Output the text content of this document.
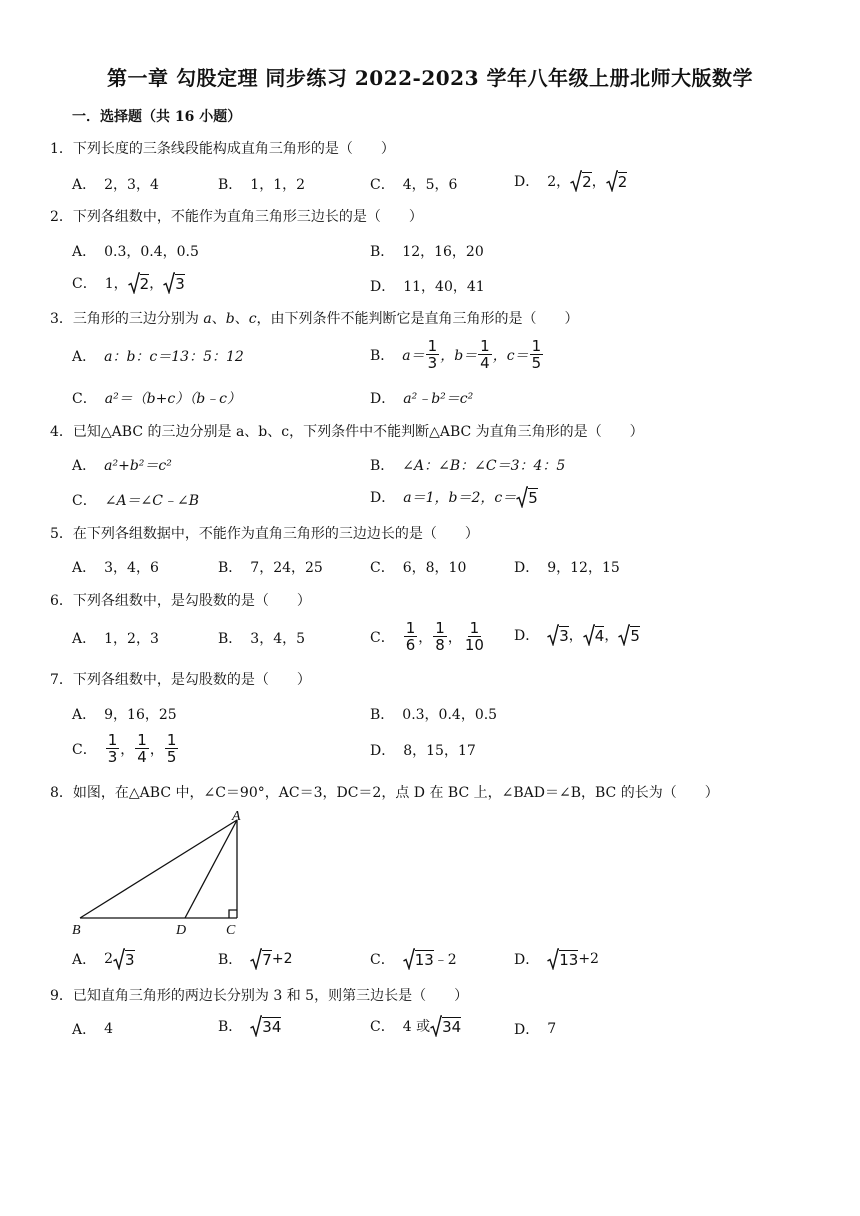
第一章 勾股定理 同步练习 2022-2023 学年八年级上册北师大版数学
一．选择题（共 16 小题）
1．下列长度的三条线段能构成直角三角形的是（　　）
A． 2，3，4	B． 1，1，2	C． 4，5，6	D． 2， 2 ， 2
2．下列各组数中，不能作为直角三角形三边长的是（　　）
A． 0.3，0.4，0.5	B． 12，16，20
C． 1， 2 ， 3	D． 11，40，41
3．三角形的三边分别为 a、b、c，由下列条件不能判断它是直角三角形的是（　　）
A． a：b：c＝13：5：12	B． $a= \frac{1}{3}$ ，$b= \frac{1}{4}$ ，$c= \frac{1}{5}$
C． a²＝（b+c）（b﹣c）	D． a²﹣b²＝c²
4．已知△ABC 的三边分别是 a、b、c，下列条件中不能判断△ABC 为直角三角形的是（　　）
A． a²+b²＝c²	B． ∠A：∠B：∠C＝3：4：5
C． ∠A＝∠C﹣∠B	D． a＝1，b＝2，c＝ 5
5．在下列各组数据中，不能作为直角三角形的三边边长的是（　　）
A． 3，4，6	B． 7，24，25	C． 6，8，10	D． 9，12，15
6．下列各组数中，是勾股数的是（　　）
A． 1，2，3	B． 3，4，5	C． $\frac{1}{6}$ ， $\frac{1}{8}$ ， $\frac{1}{10}$ D． 3 ， 4 ， 5
7．下列各组数中，是勾股数的是（　　）
A． 9，16，25	B． 0.3，0.4，0.5
C． $\frac{1}{3}$ ， $\frac{1}{4}$ ， $\frac{1}{5}$	D． 8，15，17
8．如图，在△ABC 中，∠C＝90°，AC＝3，DC＝2，点 D 在 BC 上，∠BAD＝∠B，BC 的长为（　　）
A
B	D	C
A． 2 3	B． 7 +2	C． 13 ﹣2	D． 13 +2
9．已知直角三角形的两边长分别为 3 和 5，则第三边长是（　　）
A． 4	B． 34	C． 4 或 34	D． 7
